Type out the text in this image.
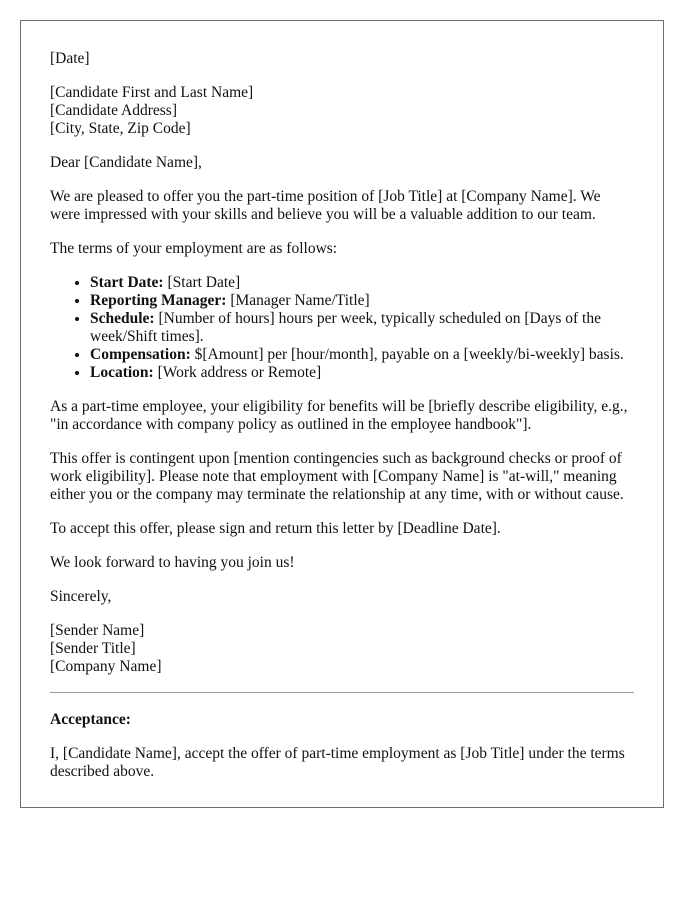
[Date]

[Candidate First and Last Name]

[Candidate Address]

[City, State, Zip Code]

Dear [Candidate Name],

We are pleased to offer you the part-time position of [Job Title] at [Company Name]. We were impressed with your skills and believe you will be a valuable addition to our team.

The terms of your employment are as follows:

• Start Date: [Start Date]
• Reporting Manager: [Manager Name/Title]
• Schedule: [Number of hours] hours per week, typically scheduled on [Days of the week/Shift times].
• Compensation: $[Amount] per [hour/month], payable on a [weekly/bi-weekly] basis.
• Location: [Work address or Remote]

As a part-time employee, your eligibility for benefits will be [briefly describe eligibility, e.g., "in accordance with company policy as outlined in the employee handbook"].

This offer is contingent upon [mention contingencies such as background checks or proof of work eligibility]. Please note that employment with [Company Name] is "at-will," meaning either you or the company may terminate the relationship at any time, with or without cause.

To accept this offer, please sign and return this letter by [Deadline Date].

We look forward to having you join us!

Sincerely,

[Sender Name]

[Sender Title]

[Company Name]

Acceptance:

I, [Candidate Name], accept the offer of part-time employment as [Job Title] under the terms described above.
